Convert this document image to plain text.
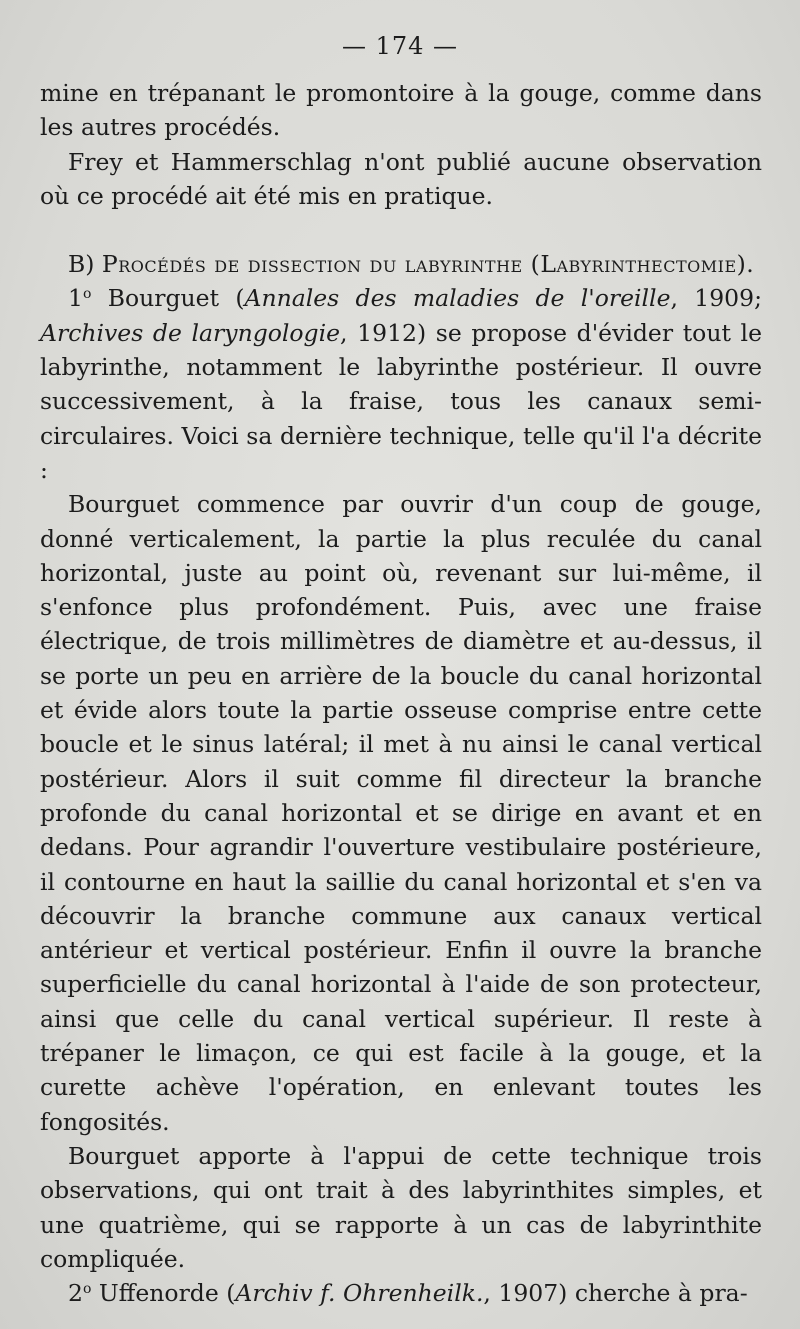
— 174 —

mine en trépanant le promontoire à la gouge, comme dans les autres procédés.

Frey et Hammerschlag n'ont publié aucune observation où ce procédé ait été mis en pratique.

B) Procédés de dissection du labyrinthe (Labyrinthectomie).

1$^o$ Bourguet (Annales des maladies de l'oreille, 1909; Archives de laryngologie, 1912) se propose d'évider tout le labyrinthe, notamment le labyrinthe postérieur. Il ouvre successivement, à la fraise, tous les canaux semi-circulaires. Voici sa dernière technique, telle qu'il l'a décrite :

Bourguet commence par ouvrir d'un coup de gouge, donné verticalement, la partie la plus reculée du canal horizontal, juste au point où, revenant sur lui-même, il s'enfonce plus profondément. Puis, avec une fraise électrique, de trois millimètres de diamètre et au-dessus, il se porte un peu en arrière de la boucle du canal horizontal et évide alors toute la partie osseuse comprise entre cette boucle et le sinus latéral; il met à nu ainsi le canal vertical postérieur. Alors il suit comme fil directeur la branche profonde du canal horizontal et se dirige en avant et en dedans. Pour agrandir l'ouverture vestibulaire postérieure, il contourne en haut la saillie du canal horizontal et s'en va découvrir la branche commune aux canaux vertical antérieur et vertical postérieur. Enfin il ouvre la branche superficielle du canal horizontal à l'aide de son protecteur, ainsi que celle du canal vertical supérieur. Il reste à trépaner le limaçon, ce qui est facile à la gouge, et la curette achève l'opération, en enlevant toutes les fongosités.

Bourguet apporte à l'appui de cette technique trois observations, qui ont trait à des labyrinthites simples, et une quatrième, qui se rapporte à un cas de labyrinthite compliquée.

2$^o$ Uffenorde (Archiv f. Ohrenheilk., 1907) cherche à pra-
